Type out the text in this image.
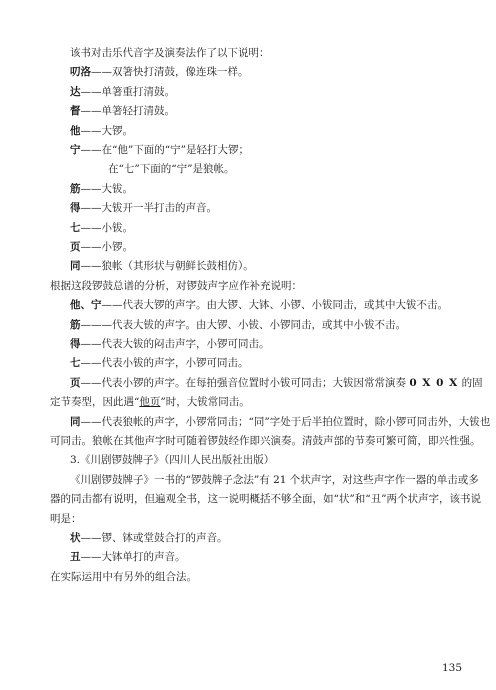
该书对击乐代音字及演奏法作了以下说明：
叨洛——双箸快打清鼓，像连珠一样。
达——单箸重打清鼓。
督——单箸轻打清鼓。
他——大锣。
宁——在“他”下面的“宁”是轻打大锣；
在“七”下面的“宁”是狼帐。
筋——大钹。
得——大钹开一半打击的声音。
七——小钹。
页——小锣。
同——狼帐（其形状与朝鲜长鼓相仿）。
根据这段锣鼓总谱的分析，对锣鼓声字应作补充说明：
他、宁——代表大锣的声字。由大锣、大钵、小锣、小钹同击，或其中大钹不击。
筋———代表大钹的声字。由大锣、小钹、小锣同击，或其中小钹不击。
得——代表大钹的闷击声字，小锣可同击。
七——代表小钹的声字，小锣可同击。
页——代表小锣的声字。在每拍强音位置时小钹可同击；大钹因常常演奏 0 X 0 X 的固
定节奏型，因此遇“他页”时，大钹常同击。
同——代表狼帐的声字，小锣常同击；“同”字处于后半拍位置时，除小锣可同击外，大钹也
可同击。狼帐在其他声字时可随着锣鼓经作即兴演奏。清鼓声部的节奏可繁可简，即兴性强。
3.《川剧锣鼓牌子》（四川人民出版社出版）
《川剧锣鼓牌子》一书的“锣鼓牌子念法”有 21 个状声字，对这些声字作一器的单击或多
器的同击都有说明，但遍观全书，这一说明概括不够全面，如“状”和“丑”两个状声字，该书说
明是：
状——锣、钵或堂鼓合打的声音。
丑——大钵单打的声音。
在实际运用中有另外的组合法。
135
